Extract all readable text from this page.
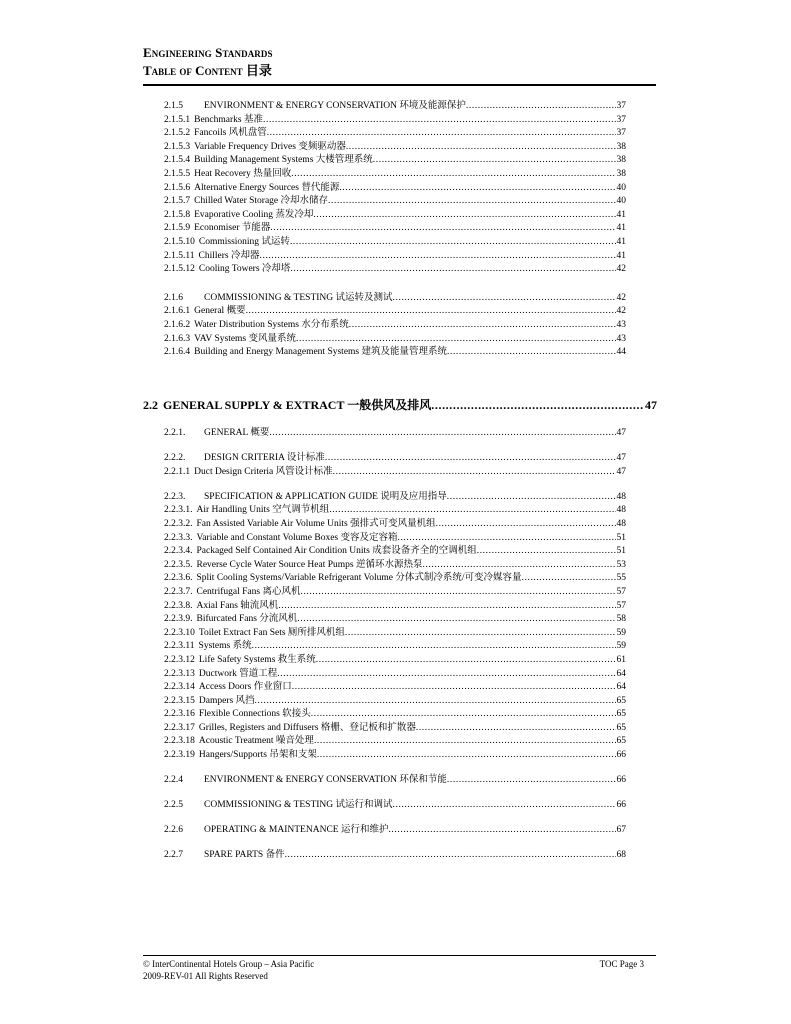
Engineering Standards
Table of Content 目录
2.1.5	ENVIRONMENT & ENERGY CONSERVATION 环境及能源保护 .....	37
2.1.5.1 Benchmarks 基准 .....	37
2.1.5.2 Fancoils 风机盘管 .....	37
2.1.5.3 Variable Frequency Drives 变频驱动器 .....	38
2.1.5.4 Building Management Systems 大楼管理系统 .....	38
2.1.5.5 Heat Recovery 热量回收 .....	38
2.1.5.6 Alternative Energy Sources 替代能源 .....	40
2.1.5.7 Chilled Water Storage 冷却水储存 .....	40
2.1.5.8 Evaporative Cooling 蒸发冷却 .....	41
2.1.5.9 Economiser 节能器 .....	41
2.1.5.10 Commissioning 试运转 .....	41
2.1.5.11 Chillers 冷却器 .....	41
2.1.5.12 Cooling Towers 冷却塔 .....	42
2.1.6	COMMISSIONING & TESTING 试运转及测试 .....	42
2.1.6.1 General 概要 .....	42
2.1.6.2 Water Distribution Systems 水分布系统 .....	43
2.1.6.3 VAV Systems 变风量系统 .....	43
2.1.6.4 Building and Energy Management Systems 建筑及能量管理系统 .....	44
2.2 GENERAL SUPPLY & EXTRACT 一般供风及排风 .....	47
2.2.1.	GENERAL 概要 .....	47
2.2.2.	DESIGN CRITERIA 设计标准 .....	47
2.2.1.1 Duct Design Criteria 风管设计标准 .....	47
2.2.3.	SPECIFICATION & APPLICATION GUIDE 说明及应用指导 .....	48
2.2.3.1. Air Handling Units 空气调节机组 .....	48
2.2.3.2. Fan Assisted Variable Air Volume Units 强排式可变风量机组 .....	48
2.2.3.3. Variable and Constant Volume Boxes 变容及定容箱 .....	51
2.2.3.4. Packaged Self Contained Air Condition Units 成套设备齐全的空调机组 .....	51
2.2.3.5. Reverse Cycle Water Source Heat Pumps 逆循环水源热泵 .....	53
2.2.3.6. Split Cooling Systems/Variable Refrigerant Volume 分体式制冷系统/可变冷媒容量 .....	55
2.2.3.7. Centrifugal Fans 离心风机 .....	57
2.2.3.8. Axial Fans 轴流风机 .....	57
2.2.3.9. Bifurcated Fans 分流风机 .....	58
2.2.3.10 Toilet Extract Fan Sets 厕所排风机组 .....	59
2.2.3.11 Systems 系统 .....	59
2.2.3.12 Life Safety Systems 救生系统 .....	61
2.2.3.13 Ductwork 管道工程 .....	64
2.2.3.14 Access Doors 作业窗口 .....	64
2.2.3.15 Dampers 风挡 .....	65
2.2.3.16 Flexible Connections 软接头 .....	65
2.2.3.17 Grilles, Registers and Diffusers 格栅、登记板和扩散器 .....	65
2.2.3.18 Acoustic Treatment 噪音处理 .....	65
2.2.3.19 Hangers/Supports 吊架和支架 .....	66
2.2.4	ENVIRONMENT & ENERGY CONSERVATION 环保和节能 .....	66
2.2.5	COMMISSIONING & TESTING 试运行和调试 .....	66
2.2.6	OPERATING & MAINTENANCE 运行和维护 .....	67
2.2.7	SPARE PARTS 备件 .....	68
© InterContinental Hotels Group – Asia Pacific
2009-REV-01 All Rights Reserved
TOC Page 3
